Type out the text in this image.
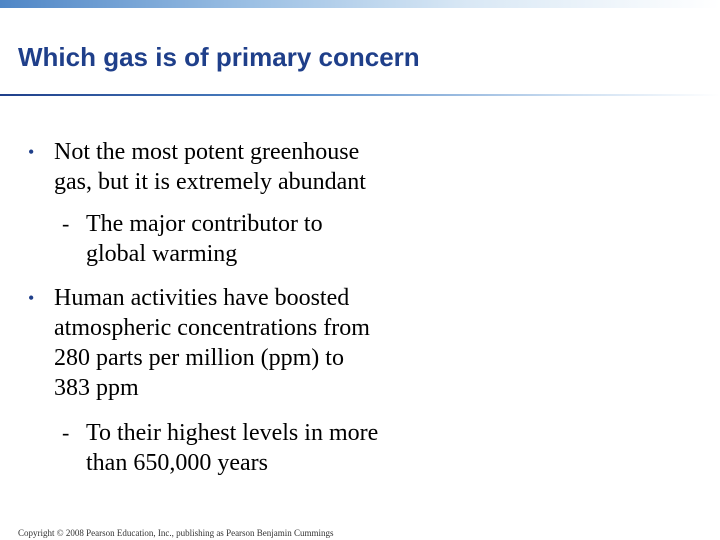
Which gas is of primary concern
• Not the most potent greenhouse
gas, but it is extremely abundant
- The major contributor to
global warming
• Human activities have boosted
atmospheric concentrations from
280 parts per million (ppm) to
383 ppm
- To their highest levels in more
than 650,000 years
Copyright © 2008 Pearson Education, Inc., publishing as Pearson Benjamin Cummings
